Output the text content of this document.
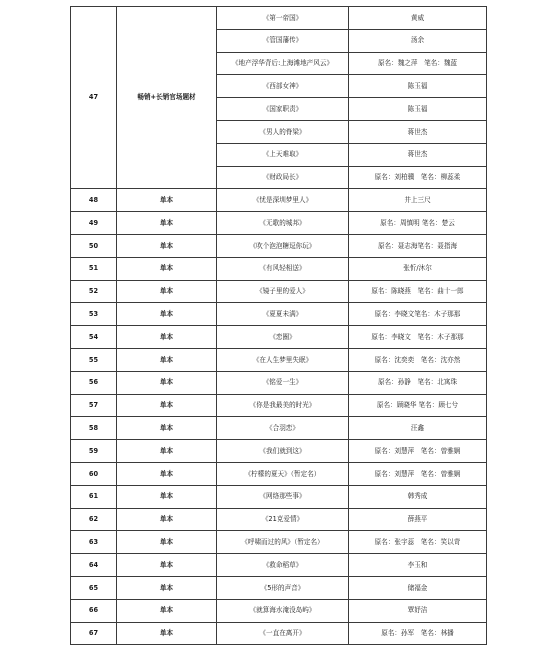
47	畅销+长销官场题材	《第一帝国》	黄威
		《管国藩传》	汤余
		《地产浮华背后:上海滩地产风云》	原名：魏之萍　笔名：魏蓝
		《西部女神》	陈玉福
		《国家职责》	陈玉福
		《男人的脊梁》	蒋世杰
		《上天难取》	蒋世杰
		《财政局长》	原名：刘柏骥　笔名：柳蕊柔
48	单本	《忧是深圳梦里人》	井上三尺
49	单本	《无歌的城邦》	原名：周慎明 笔名：楚云
50	单本	《吹个泡泡糖逗你玩》	原名：聂志海笔名：聂指海
51	单本	《有风轻相送》	张忻/沐尔
52	单本	《镜子里的爱人》	原名：陈晓燕　笔名：曲十一郎
53	单本	《夏夏未满》	原名：李晓文笔名：木子那那
54	单本	《恋圈》	原名：李晓文　笔名：木子那那
55	单本	《在人生梦里失眠》	原名：沈奕奕　笔名：沈亦然
56	单本	《铭爱一生》	原名：孙静　笔名：北寓珠
57	单本	《你是我最美的时光》	原名：顾晓华 笔名：顾七兮
58	单本	《合羽恋》	汪鑫
59	单本	《我们就到这》	原名：刘慧萍　笔名：曾雅娴
60	单本	《柠檬的夏天》（暂定名）	原名：刘慧萍　笔名：曾雅娴
61	单本	《网络那些事》	韩秀成
62	单本	《21克爱情》	薛燕平
63	单本	《呼啸而过的风》（暂定名）	原名：张宇蕊　笔名：笑以苛
64	单本	《救命稻草》	李玉和
65	单本	《5形的声音》	储福金
66	单本	《就算海水淹没岛屿》	覃妤洁
67	单本	《一直在离开》	原名：孙军　笔名：林播
